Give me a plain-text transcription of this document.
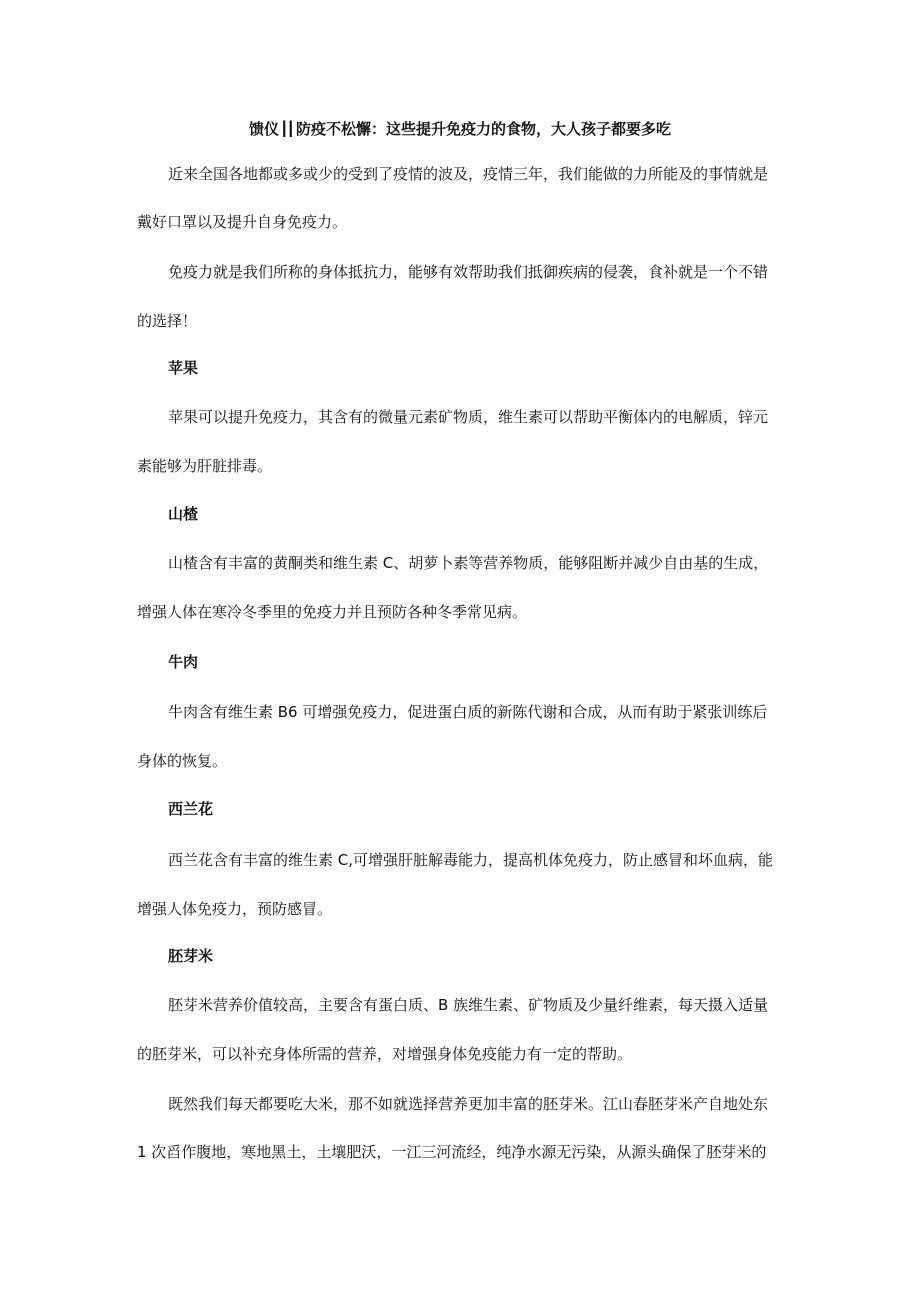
馈仪II 防疫不松懈：这些提升免疫力的食物，大人孩子都要多吃
近来全国各地都或多或少的受到了疫情的波及，疫情三年，我们能做的力所能及的事情就是
戴好口罩以及提升自身免疫力。
免疫力就是我们所称的身体抵抗力，能够有效帮助我们抵御疾病的侵袭，食补就是一个不错
的选择！
苹果
苹果可以提升免疫力，其含有的微量元素矿物质，维生素可以帮助平衡体内的电解质，锌元
素能够为肝脏排毒。
山楂
山楂含有丰富的黄酮类和维生素 C、胡萝卜素等营养物质，能够阻断并减少自由基的生成，
增强人体在寒冷冬季里的免疫力并且预防各种冬季常见病。
牛肉
牛肉含有维生素 B6 可增强免疫力，促进蛋白质的新陈代谢和合成，从而有助于紧张训练后
身体的恢复。
西兰花
西兰花含有丰富的维生素 C,可增强肝脏解毒能力，提高机体免疫力，防止感冒和坏血病，能
增强人体免疫力，预防感冒。
胚芽米
胚芽米营养价值较高，主要含有蛋白质、B 族维生素、矿物质及少量纤维素，每天摄入适量
的胚芽米，可以补充身体所需的营养，对增强身体免疫能力有一定的帮助。
既然我们每天都要吃大米，那不如就选择营养更加丰富的胚芽米。江山春胚芽米产自地处东
1 次舀作腹地，寒地黑土，土壤肥沃，一江三河流经，纯净水源无污染，从源头确保了胚芽米的
